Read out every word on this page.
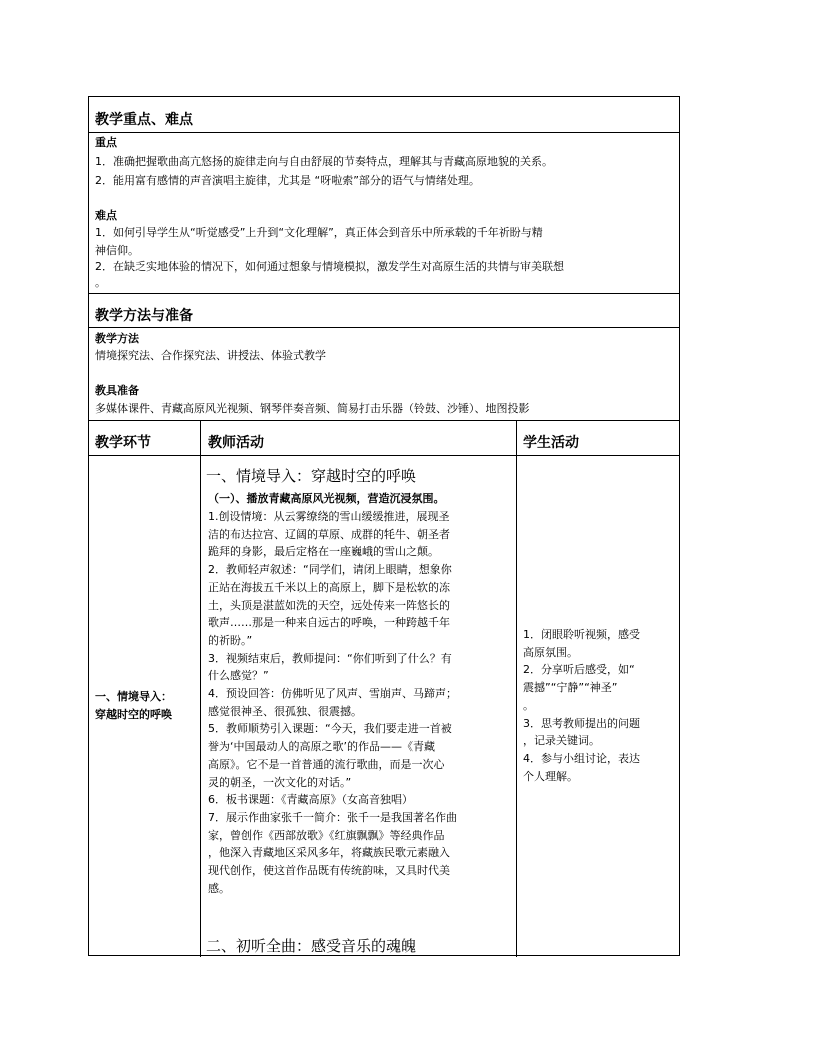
教学重点、难点
重点
1．准确把握歌曲高亢悠扬的旋律走向与自由舒展的节奏特点，理解其与青藏高原地貌的关系。
2．能用富有感情的声音演唱主旋律，尤其是 “呀啦索”部分的语气与情绪处理。
难点
1．如何引导学生从“听觉感受”上升到“文化理解”，真正体会到音乐中所承载的千年祈盼与精
神信仰。
2．在缺乏实地体验的情况下，如何通过想象与情境模拟，激发学生对高原生活的共情与审美联想
。
教学方法与准备
教学方法
情境探究法、合作探究法、讲授法、体验式教学
教具准备
多媒体课件、青藏高原风光视频、钢琴伴奏音频、简易打击乐器（铃鼓、沙锤）、地图投影
教学环节	教师活动	学生活动
一、情境导入：
穿越时空的呼唤
一、情境导入：穿越时空的呼唤
（一）、播放青藏高原风光视频，营造沉浸氛围。
1.创设情境：从云雾缭绕的雪山缓缓推进，展现圣
洁的布达拉宫、辽阔的草原、成群的牦牛、朝圣者
跪拜的身影，最后定格在一座巍峨的雪山之颠。
2．教师轻声叙述：“同学们，请闭上眼睛，想象你
正站在海拔五千米以上的高原上，脚下是松软的冻
土，头顶是湛蓝如洗的天空，远处传来一阵悠长的
歌声……那是一种来自远古的呼唤，一种跨越千年
的祈盼。”
3．视频结束后，教师提问：“你们听到了什么？有
什么感觉？”
4．预设回答：仿佛听见了风声、雪崩声、马蹄声；
感觉很神圣、很孤独、很震撼。
5．教师顺势引入课题：“今天，我们要走进一首被
誉为‘中国最动人的高原之歌’的作品——《青藏
高原》。它不是一首普通的流行歌曲，而是一次心
灵的朝圣，一次文化的对话。”
6．板书课题：《青藏高原》（女高音独唱）
7．展示作曲家张千一简介：张千一是我国著名作曲
家，曾创作《西部放歌》《红旗飘飘》等经典作品
，他深入青藏地区采风多年，将藏族民歌元素融入
现代创作，使这首作品既有传统韵味，又具时代美
感。
二、初听全曲：感受音乐的魂魄
1．闭眼聆听视频，感受
高原氛围。
2．分享听后感受，如“
震撼”“宁静”“神圣”
。
3．思考教师提出的问题
，记录关键词。
4．参与小组讨论，表达
个人理解。
